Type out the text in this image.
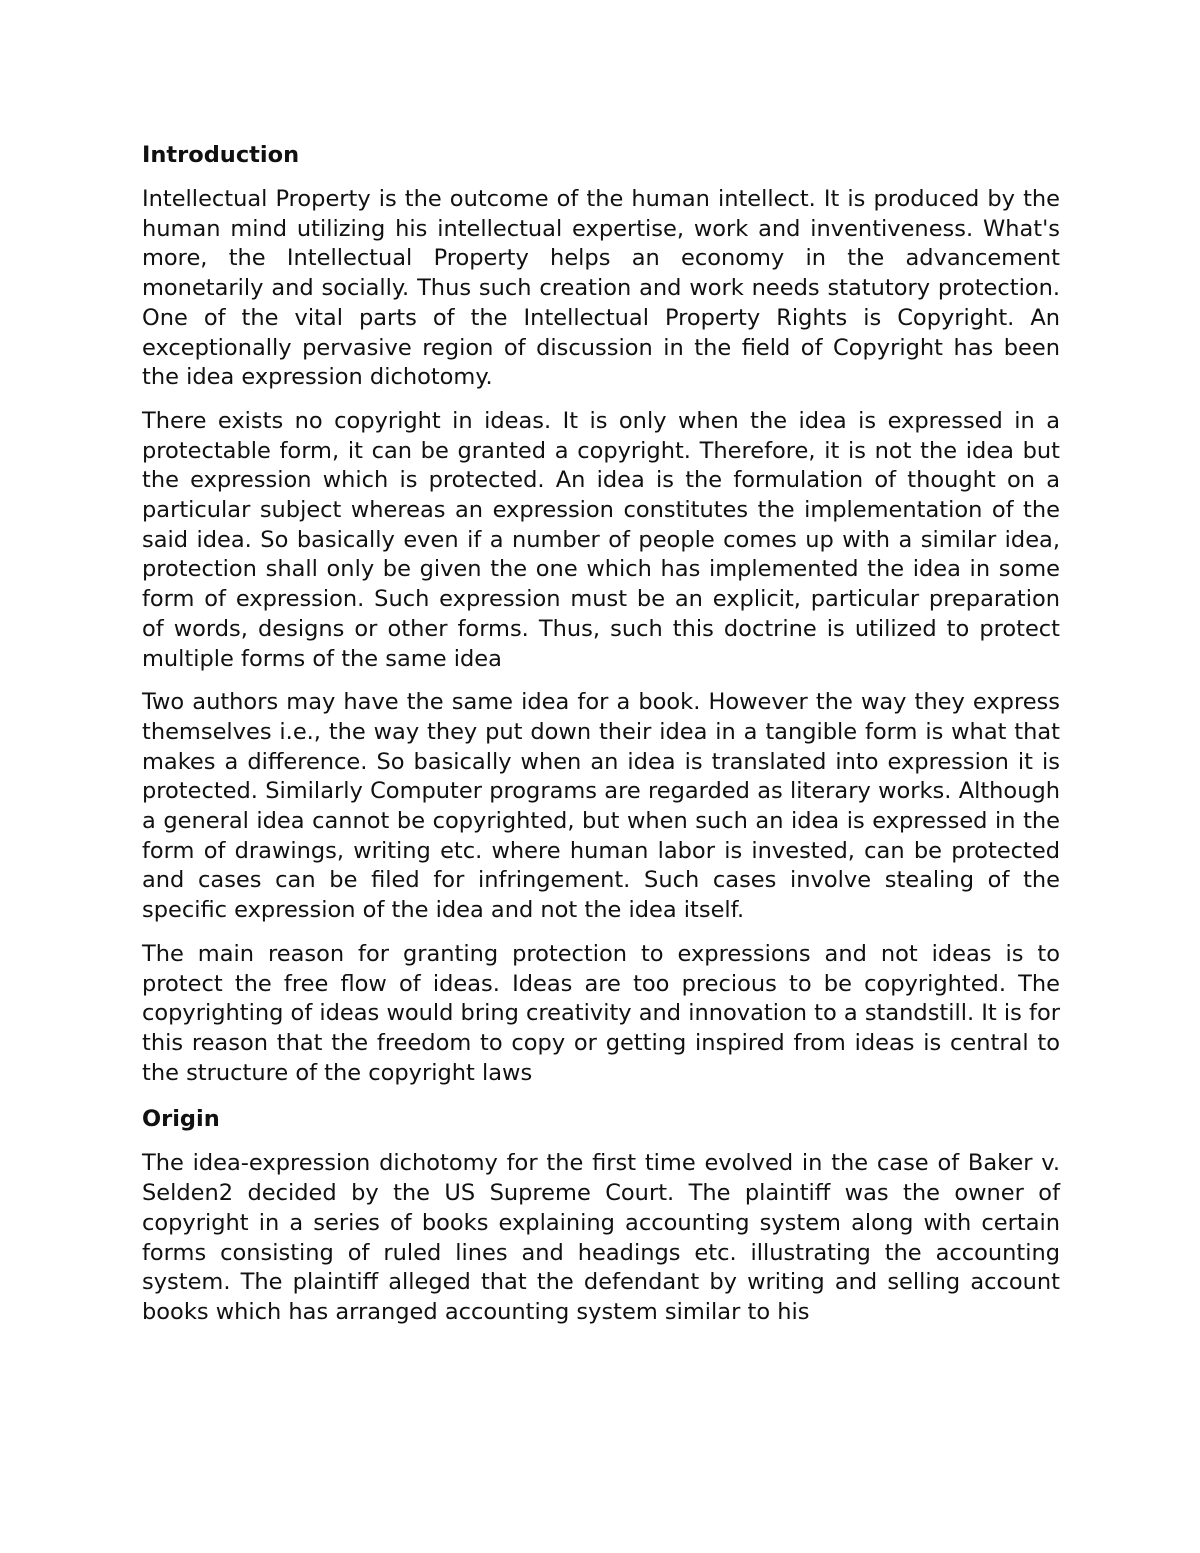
Introduction

Intellectual Property is the outcome of the human intellect. It is produced by the human mind utilizing his intellectual expertise, work and inventiveness. What's more, the Intellectual Property helps an economy in the advancement monetarily and socially. Thus such creation and work needs statutory protection. One of the vital parts of the Intellectual Property Rights is Copyright. An exceptionally pervasive region of discussion in the field of Copyright has been the idea expression dichotomy.

There exists no copyright in ideas. It is only when the idea is expressed in a protectable form, it can be granted a copyright. Therefore, it is not the idea but the expression which is protected. An idea is the formulation of thought on a particular subject whereas an expression constitutes the implementation of the said idea. So basically even if a number of people comes up with a similar idea, protection shall only be given the one which has implemented the idea in some form of expression. Such expression must be an explicit, particular preparation of words, designs or other forms. Thus, such this doctrine is utilized to protect multiple forms of the same idea

Two authors may have the same idea for a book. However the way they express themselves i.e., the way they put down their idea in a tangible form is what that makes a difference. So basically when an idea is translated into expression it is protected. Similarly Computer programs are regarded as literary works. Although a general idea cannot be copyrighted, but when such an idea is expressed in the form of drawings, writing etc. where human labor is invested, can be protected and cases can be filed for infringement. Such cases involve stealing of the specific expression of the idea and not the idea itself.

The main reason for granting protection to expressions and not ideas is to protect the free flow of ideas. Ideas are too precious to be copyrighted. The copyrighting of ideas would bring creativity and innovation to a standstill. It is for this reason that the freedom to copy or getting inspired from ideas is central to the structure of the copyright laws

Origin

The idea-expression dichotomy for the first time evolved in the case of Baker v. Selden2 decided by the US Supreme Court. The plaintiff was the owner of copyright in a series of books explaining accounting system along with certain forms consisting of ruled lines and headings etc. illustrating the accounting system. The plaintiff alleged that the defendant by writing and selling account books which has arranged accounting system similar to his
